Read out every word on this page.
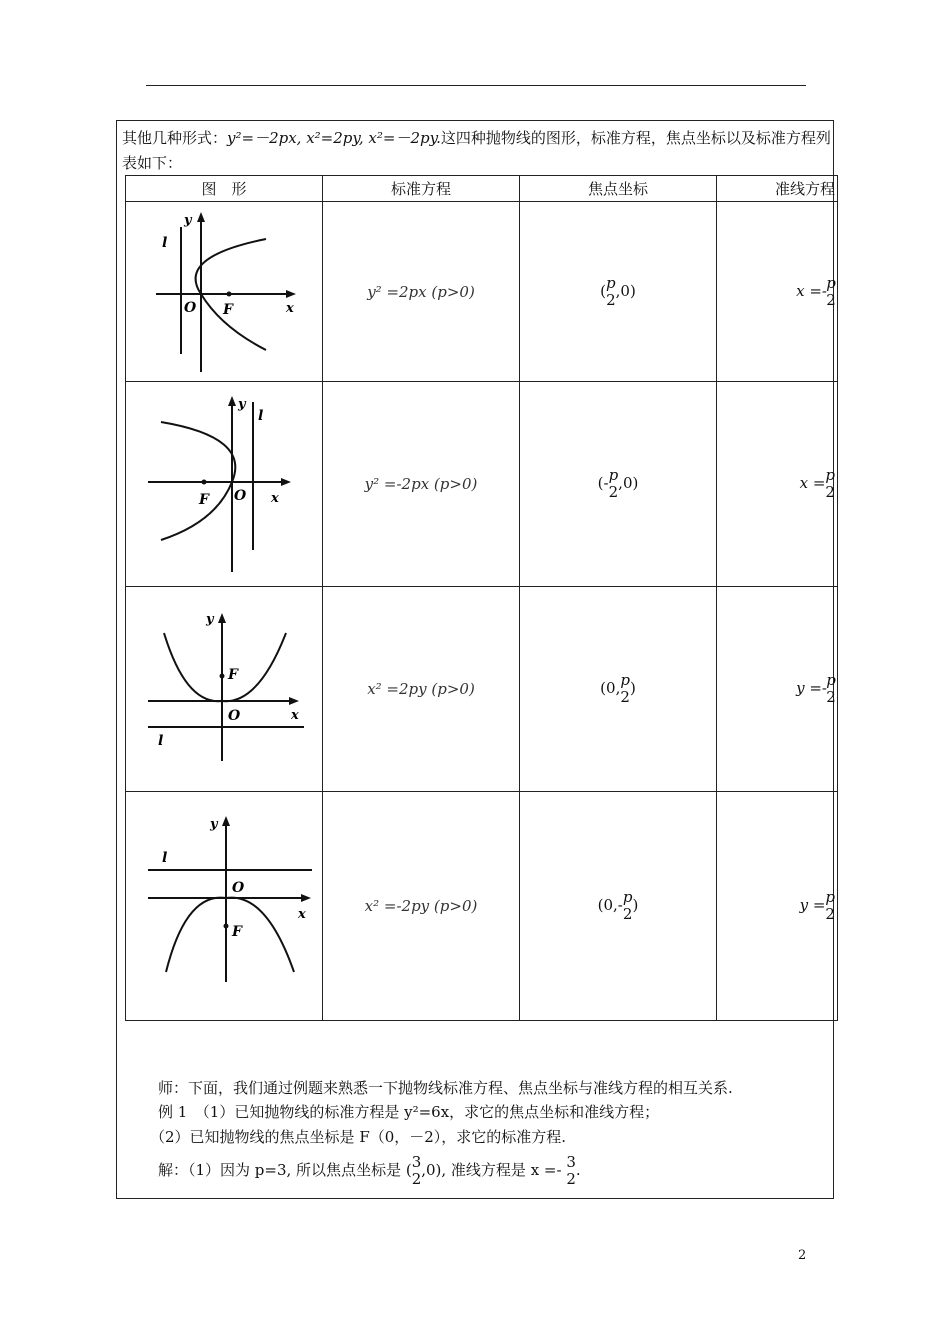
其他几种形式：y²=－2px, x²=2py, x²=－2py.这四种抛物线的图形，标准方程，焦点坐标以及标准方程列表如下：
图　形	标准方程	焦点坐标	准线方程

y
x
O F
l	y² =2px (p>0)	( p
2 ,0)	x =- p
2

y
x
O
F
l	y² =-2px (p>0)	(- p
2 ,0)	x = p
2

y
x
O
F
l	x² =2py (p>0)	(0, p
2 )	y =- p
2

y
x
O
F
l	x² =-2py (p>0)	(0,- p
2 )	y = p
2
师：下面，我们通过例题来熟悉一下抛物线标准方程、焦点坐标与准线方程的相互关系.
例 1　（1）已知抛物线的标准方程是 y²=6x，求它的焦点坐标和准线方程；
（2）已知抛物线的焦点坐标是 F（0，－2），求它的标准方程.
解：（1）因为 p=3, 所以焦点坐标是 ( 3
2 ,0), 准线方程是 x =- 3
2 .
2
